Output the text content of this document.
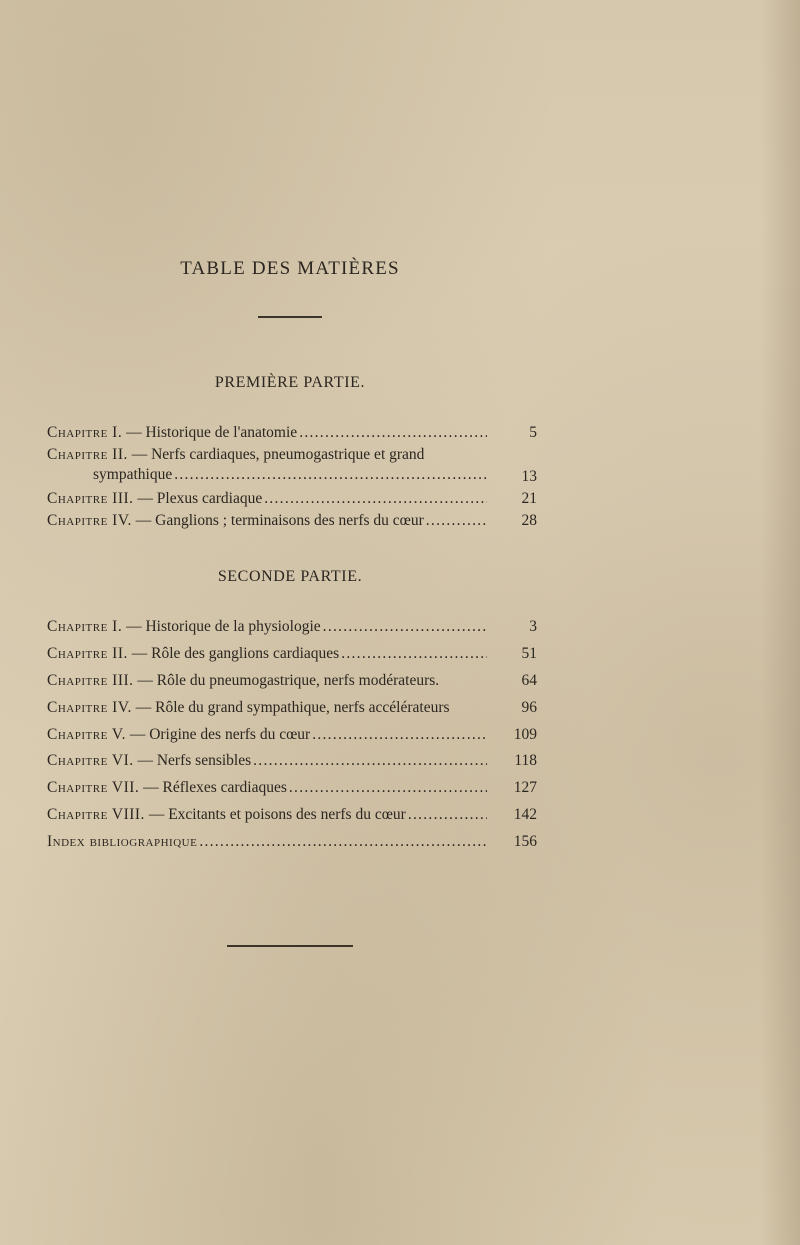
TABLE DES MATIÈRES
PREMIÈRE PARTIE.
Chapitre I. — Historique de l'anatomie . . .	5
Chapitre II. — Nerfs cardiaques, pneumogastrique et grand
sympathique . . .	13
Chapitre III. — Plexus cardiaque . . .	21
Chapitre IV. — Ganglions ; terminaisons des nerfs du cœur . . .	28
SECONDE PARTIE.
Chapitre I. — Historique de la physiologie . . .	3
Chapitre II. — Rôle des ganglions cardiaques . . .	51
Chapitre III. — Rôle du pneumogastrique, nerfs modérateurs.	64
Chapitre IV. — Rôle du grand sympathique, nerfs accélérateurs	96
Chapitre V. — Origine des nerfs du cœur . . .	109
Chapitre VI. — Nerfs sensibles . . .	118
Chapitre VII. — Réflexes cardiaques . . .	127
Chapitre VIII. — Excitants et poisons des nerfs du cœur . . .	142
Index bibliographique . . .	156
